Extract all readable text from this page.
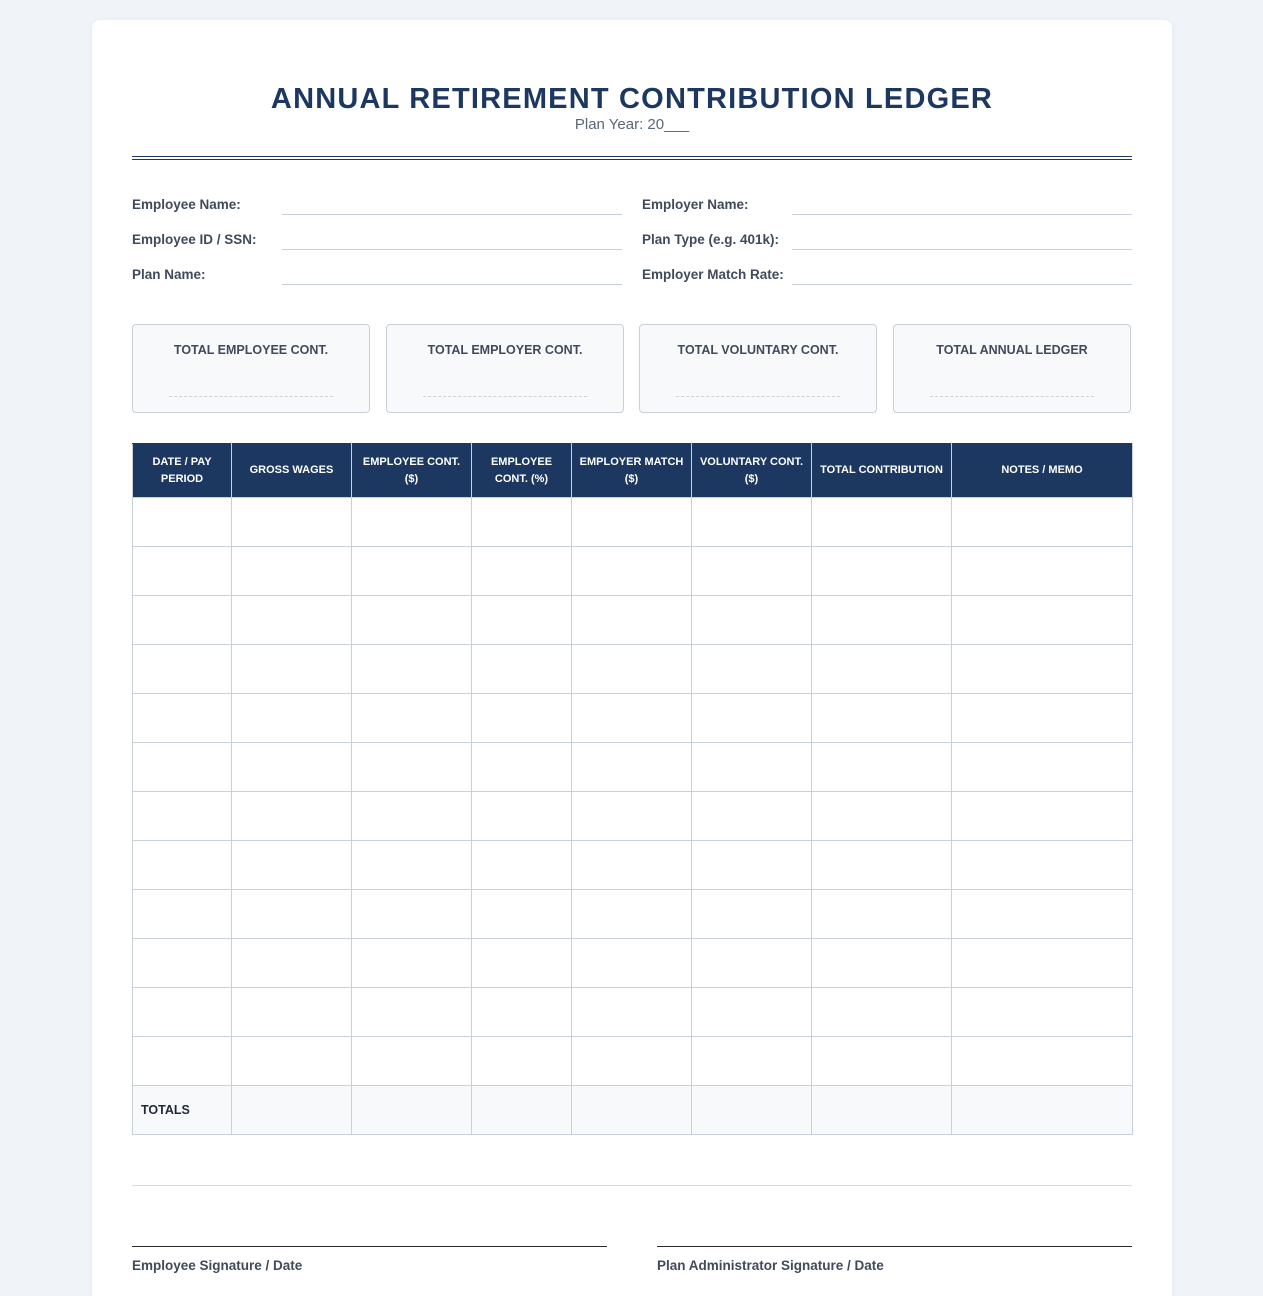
ANNUAL RETIREMENT CONTRIBUTION LEDGER
Plan Year: 20___
Employee Name:
Employee ID / SSN:
Plan Name:
Employer Name:
Plan Type (e.g. 401k):
Employer Match Rate:
TOTAL EMPLOYEE CONT.	TOTAL EMPLOYER CONT.	TOTAL VOLUNTARY CONT.	TOTAL ANNUAL LEDGER
DATE / PAY PERIOD	GROSS WAGES	EMPLOYEE CONT. ($)	EMPLOYEE CONT. (%)	EMPLOYER MATCH ($)	VOLUNTARY CONT. ($)	TOTAL CONTRIBUTION	NOTES / MEMO

TOTALS							
Employee Signature / Date	Plan Administrator Signature / Date
